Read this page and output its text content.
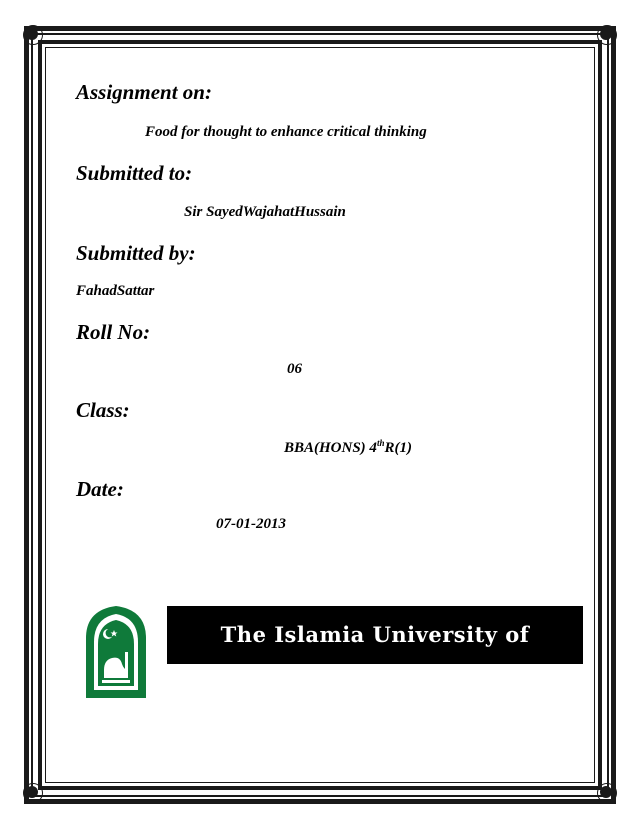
Assignment on:

Food for thought to enhance critical thinking

Submitted to:

Sir SayedWajahatHussain

Submitted by:

FahadSattar

Roll No:

06

Class:

BBA(HONS) 4thR(1)

Date:

07-01-2013

The Islamia University of Bahawalpur
